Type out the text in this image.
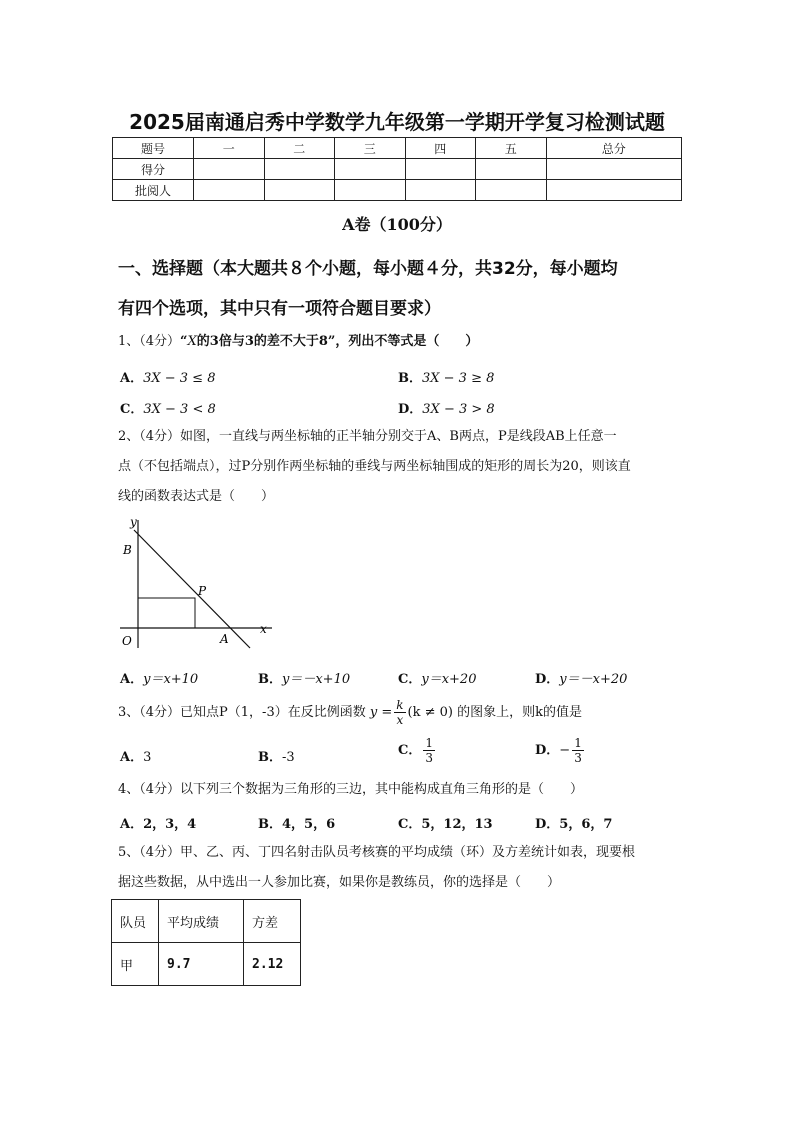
2025届南通启秀中学数学九年级第一学期开学复习检测试题
题号	一	二	三	四	五	总分
得分						
批阅人						
A卷（100分）
一、选择题（本大题共８个小题，每小题４分，共32分，每小题均
有四个选项，其中只有一项符合题目要求）
1、（4分）“X的3倍与3的差不大于8”，列出不等式是（　　）
A．3X − 3 ≤ 8	B．3X − 3 ≥ 8
C．3X − 3 < 8	D．3X − 3 > 8
2、（4分）如图，一直线与两坐标轴的正半轴分别交于A、B两点，P是线段AB上任意一
点（不包括端点），过P分别作两坐标轴的垂线与两坐标轴围成的矩形的周长为20，则该直
线的函数表达式是（　　）
y
x
B
P
O	A
A．y＝x+10	B．y＝－x+10	C．y＝x+20	D．y＝－x+20
3、（4分）已知点P（1，-3）在反比例函数 $y = \frac{k}{x} (k \ne 0)$ 的图象上，则k的值是
A．3	B．-3	C． $\frac{1}{3}$	D．− $\frac{1}{3}$
4、（4分）以下列三个数据为三角形的三边，其中能构成直角三角形的是（　　）
A．2，3，4	B．4，5，6	C．5，12，13	D．5，6，7
5、（4分）甲、乙、丙、丁四名射击队员考核赛的平均成绩（环）及方差统计如表，现要根
据这些数据，从中选出一人参加比赛，如果你是教练员，你的选择是（　　）
队员	平均成绩	方差
甲	9.7	2.12
